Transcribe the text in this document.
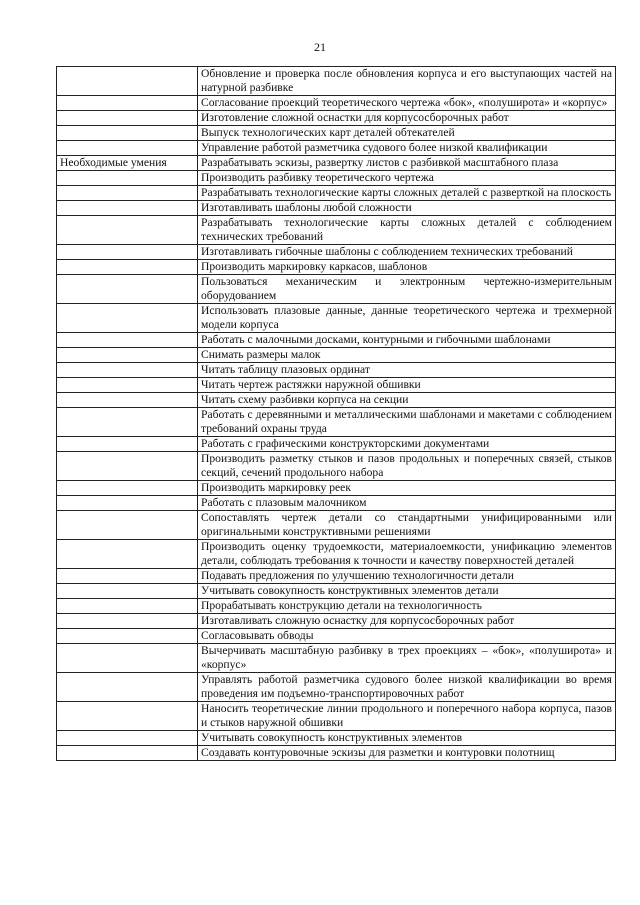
21
	Обновление и проверка после обновления корпуса и его выступающих частей на натурной разбивке
	Согласование проекций теоретического чертежа «бок», «полуширота» и «корпус»
	Изготовление сложной оснастки для корпусосборочных работ
	Выпуск технологических карт деталей обтекателей
	Управление работой разметчика судового более низкой квалификации
Необходимые умения	Разрабатывать эскизы, развертку листов с разбивкой масштабного плаза
	Производить разбивку теоретического чертежа
	Разрабатывать технологические карты сложных деталей с разверткой на плоскость
	Изготавливать шаблоны любой сложности
	Разрабатывать технологические карты сложных деталей с соблюдением технических требований
	Изготавливать гибочные шаблоны с соблюдением технических требований
	Производить маркировку каркасов, шаблонов
	Пользоваться механическим и электронным чертежно-измерительным оборудованием
	Использовать плазовые данные, данные теоретического чертежа и трехмерной модели корпуса
	Работать с малочными досками, контурными и гибочными шаблонами
	Снимать размеры малок
	Читать таблицу плазовых ординат
	Читать чертеж растяжки наружной обшивки
	Читать схему разбивки корпуса на секции
	Работать с деревянными и металлическими шаблонами и макетами с соблюдением требований охраны труда
	Работать с графическими конструкторскими документами
	Производить разметку стыков и пазов продольных и поперечных связей, стыков секций, сечений продольного набора
	Производить маркировку реек
	Работать с плазовым малочником
	Сопоставлять чертеж детали со стандартными унифицированными или оригинальными конструктивными решениями
	Производить оценку трудоемкости, материалоемкости, унификацию элементов детали, соблюдать требования к точности и качеству поверхностей деталей
	Подавать предложения по улучшению технологичности детали
	Учитывать совокупность конструктивных элементов детали
	Прорабатывать конструкцию детали на технологичность
	Изготавливать сложную оснастку для корпусосборочных работ
	Согласовывать обводы
	Вычерчивать масштабную разбивку в трех проекциях – «бок», «полуширота» и «корпус»
	Управлять работой разметчика судового более низкой квалификации во время проведения им подъемно-транспортировочных работ
	Наносить теоретические линии продольного и поперечного набора корпуса, пазов и стыков наружной обшивки
	Учитывать совокупность конструктивных элементов
	Создавать контуровочные эскизы для разметки и контуровки полотнищ
